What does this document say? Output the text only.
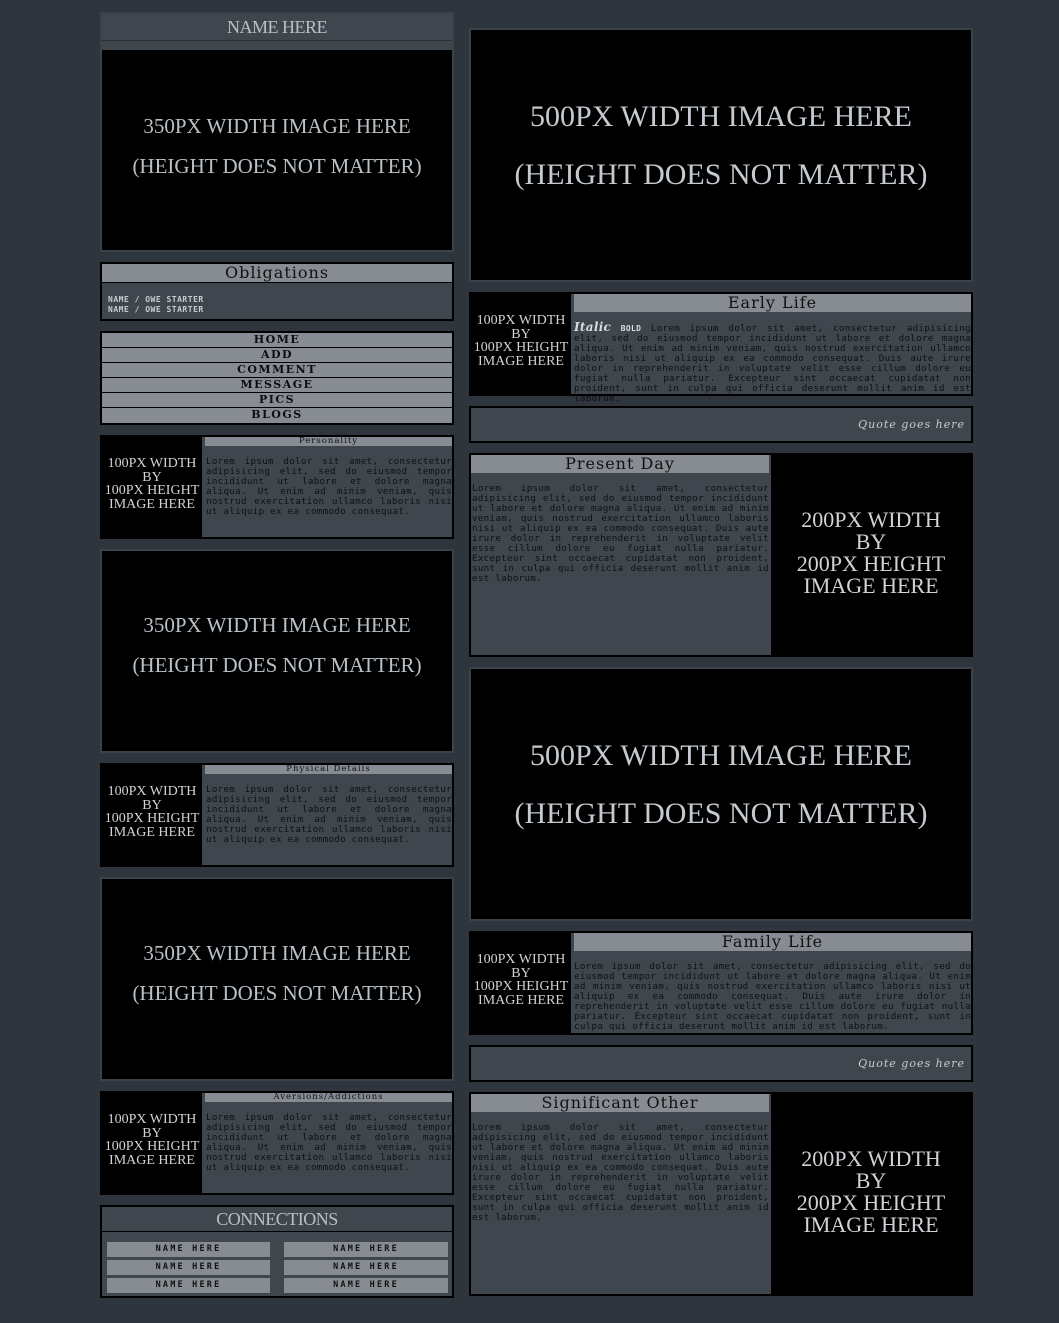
NAME HERE
350PX WIDTH IMAGE HERE
(HEIGHT DOES NOT MATTER)
Obligations
NAME / OWE STARTER
NAME / OWE STARTER
HOME
ADD
COMMENT
MESSAGE
PICS
BLOGS
100PX WIDTH
BY
100PX HEIGHT
IMAGE HERE
Personality
Lorem ipsum dolor sit amet, consectetur adipisicing elit, sed do eiusmod tempor incididunt ut labore et dolore magna aliqua. Ut enim ad minim veniam, quis nostrud exercitation ullamco laboris nisi ut aliquip ex ea commodo consequat.
350PX WIDTH IMAGE HERE
(HEIGHT DOES NOT MATTER)
100PX WIDTH
BY
100PX HEIGHT
IMAGE HERE
Physical Details
Lorem ipsum dolor sit amet, consectetur adipisicing elit, sed do eiusmod tempor incididunt ut labore et dolore magna aliqua. Ut enim ad minim veniam, quis nostrud exercitation ullamco laboris nisi ut aliquip ex ea commodo consequat.
350PX WIDTH IMAGE HERE
(HEIGHT DOES NOT MATTER)
100PX WIDTH
BY
100PX HEIGHT
IMAGE HERE
Aversions/Addictions
Lorem ipsum dolor sit amet, consectetur adipisicing elit, sed do eiusmod tempor incididunt ut labore et dolore magna aliqua. Ut enim ad minim veniam, quis nostrud exercitation ullamco laboris nisi ut aliquip ex ea commodo consequat.
CONNECTIONS
NAME HERE	NAME HERE
NAME HERE	NAME HERE
NAME HERE	NAME HERE
500PX WIDTH IMAGE HERE
(HEIGHT DOES NOT MATTER)
100PX WIDTH
BY
100PX HEIGHT
IMAGE HERE
Early Life
Italic BOLD Lorem ipsum dolor sit amet, consectetur adipisicing elit, sed do eiusmod tempor incididunt ut labore et dolore magna aliqua. Ut enim ad minim veniam, quis nostrud exercitation ullamco laboris nisi ut aliquip ex ea commodo consequat. Duis aute irure dolor in reprehenderit in voluptate velit esse cillum dolore eu fugiat nulla pariatur. Excepteur sint occaecat cupidatat non proident, sunt in culpa qui officia deserunt mollit anim id est laborum.
Quote goes here
Present Day
Lorem ipsum dolor sit amet, consectetur adipisicing elit, sed do eiusmod tempor incididunt ut labore et dolore magna aliqua. Ut enim ad minim veniam, quis nostrud exercitation ullamco laboris nisi ut aliquip ex ea commodo consequat. Duis aute irure dolor in reprehenderit in voluptate velit esse cillum dolore eu fugiat nulla pariatur. Excepteur sint occaecat cupidatat non proident, sunt in culpa qui officia deserunt mollit anim id est laborum.
200PX WIDTH
BY
200PX HEIGHT
IMAGE HERE
500PX WIDTH IMAGE HERE
(HEIGHT DOES NOT MATTER)
100PX WIDTH
BY
100PX HEIGHT
IMAGE HERE
Family Life
Lorem ipsum dolor sit amet, consectetur adipisicing elit, sed do eiusmod tempor incididunt ut labore et dolore magna aliqua. Ut enim ad minim veniam, quis nostrud exercitation ullamco laboris nisi ut aliquip ex ea commodo consequat. Duis aute irure dolor in reprehenderit in voluptate velit esse cillum dolore eu fugiat nulla pariatur. Excepteur sint occaecat cupidatat non proident, sunt in culpa qui officia deserunt mollit anim id est laborum.
Quote goes here
Significant Other
Lorem ipsum dolor sit amet, consectetur adipisicing elit, sed do eiusmod tempor incididunt ut labore et dolore magna aliqua. Ut enim ad minim veniam, quis nostrud exercitation ullamco laboris nisi ut aliquip ex ea commodo consequat. Duis aute irure dolor in reprehenderit in voluptate velit esse cillum dolore eu fugiat nulla pariatur. Excepteur sint occaecat cupidatat non proident, sunt in culpa qui officia deserunt mollit anim id est laborum.
200PX WIDTH
BY
200PX HEIGHT
IMAGE HERE
